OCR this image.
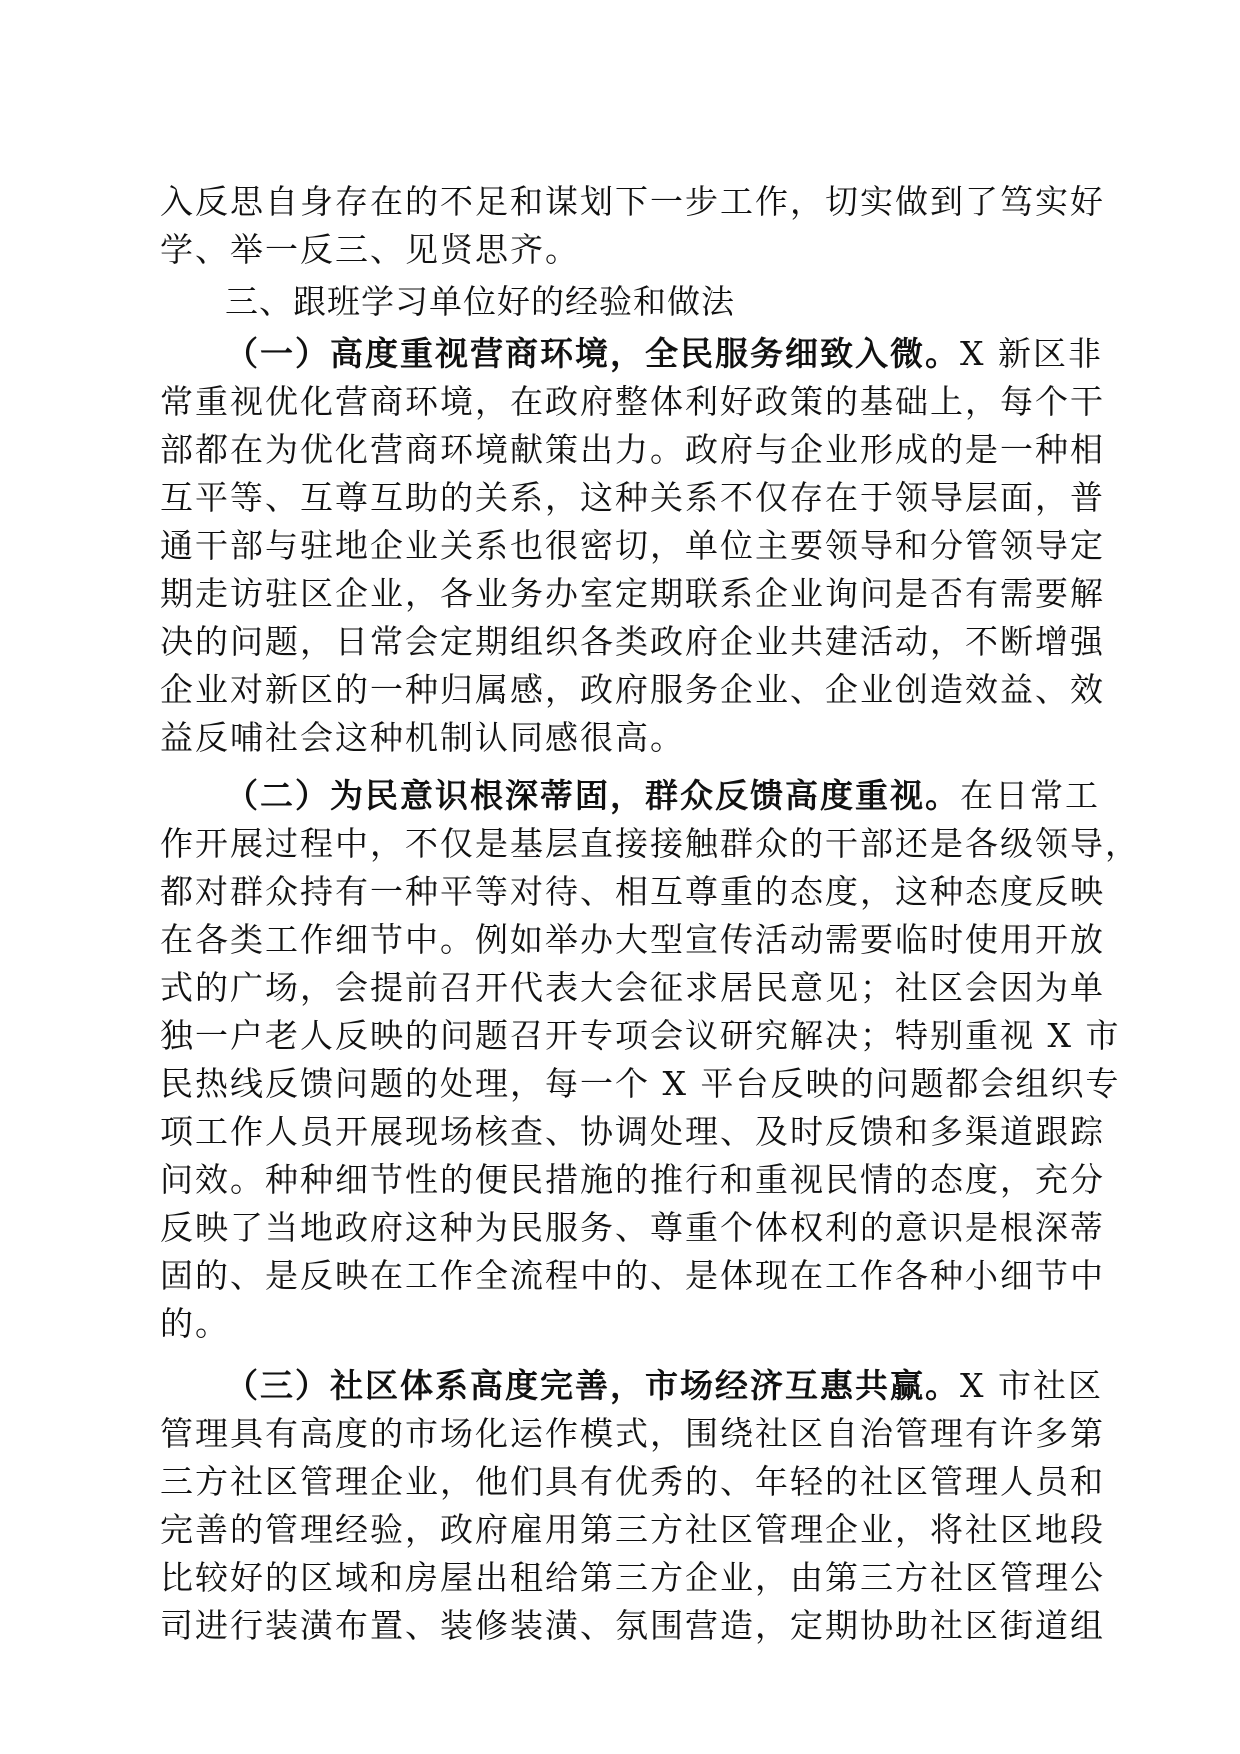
入反思自身存在的不足和谋划下一步工作，切实做到了笃实好
学、举一反三、见贤思齐。
三、跟班学习单位好的经验和做法
（一）高度重视营商环境，全民服务细致入微。X 新区非
常重视优化营商环境，在政府整体利好政策的基础上，每个干
部都在为优化营商环境献策出力。政府与企业形成的是一种相
互平等、互尊互助的关系，这种关系不仅存在于领导层面，普
通干部与驻地企业关系也很密切，单位主要领导和分管领导定
期走访驻区企业，各业务办室定期联系企业询问是否有需要解
决的问题，日常会定期组织各类政府企业共建活动，不断增强
企业对新区的一种归属感，政府服务企业、企业创造效益、效
益反哺社会这种机制认同感很高。
（二）为民意识根深蒂固，群众反馈高度重视。在日常工
作开展过程中，不仅是基层直接接触群众的干部还是各级领导，
都对群众持有一种平等对待、相互尊重的态度，这种态度反映
在各类工作细节中。例如举办大型宣传活动需要临时使用开放
式的广场，会提前召开代表大会征求居民意见；社区会因为单
独一户老人反映的问题召开专项会议研究解决；特别重视 X 市
民热线反馈问题的处理，每一个 X 平台反映的问题都会组织专
项工作人员开展现场核查、协调处理、及时反馈和多渠道跟踪
问效。种种细节性的便民措施的推行和重视民情的态度，充分
反映了当地政府这种为民服务、尊重个体权利的意识是根深蒂
固的、是反映在工作全流程中的、是体现在工作各种小细节中
的。
（三）社区体系高度完善，市场经济互惠共赢。X 市社区
管理具有高度的市场化运作模式，围绕社区自治管理有许多第
三方社区管理企业，他们具有优秀的、年轻的社区管理人员和
完善的管理经验，政府雇用第三方社区管理企业，将社区地段
比较好的区域和房屋出租给第三方企业，由第三方社区管理公
司进行装潢布置、装修装潢、氛围营造，定期协助社区街道组
